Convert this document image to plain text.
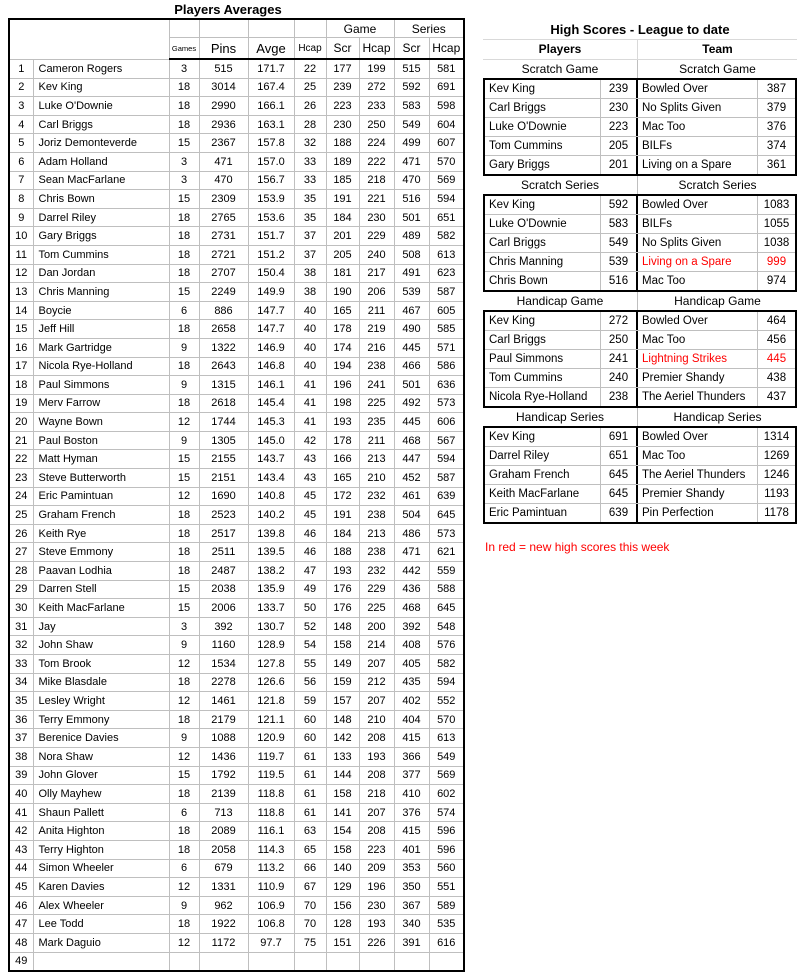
Players Averages
						Game		Series	
		Games	Pins	Avge	Hcap	Scr	Hcap	Scr	Hcap
1	Cameron Rogers	3	515	171.7	22	177	199	515	581
2	Kev King	18	3014	167.4	25	239	272	592	691
3	Luke O'Downie	18	2990	166.1	26	223	233	583	598
4	Carl Briggs	18	2936	163.1	28	230	250	549	604
5	Joriz Demonteverde	15	2367	157.8	32	188	224	499	607
6	Adam Holland	3	471	157.0	33	189	222	471	570
7	Sean MacFarlane	3	470	156.7	33	185	218	470	569
8	Chris Bown	15	2309	153.9	35	191	221	516	594
9	Darrel Riley	18	2765	153.6	35	184	230	501	651
10	Gary Briggs	18	2731	151.7	37	201	229	489	582
11	Tom Cummins	18	2721	151.2	37	205	240	508	613
12	Dan Jordan	18	2707	150.4	38	181	217	491	623
13	Chris Manning	15	2249	149.9	38	190	206	539	587
14	Boycie	6	886	147.7	40	165	211	467	605
15	Jeff Hill	18	2658	147.7	40	178	219	490	585
16	Mark Gartridge	9	1322	146.9	40	174	216	445	571
17	Nicola Rye-Holland	18	2643	146.8	40	194	238	466	586
18	Paul Simmons	9	1315	146.1	41	196	241	501	636
19	Merv Farrow	18	2618	145.4	41	198	225	492	573
20	Wayne Bown	12	1744	145.3	41	193	235	445	606
21	Paul Boston	9	1305	145.0	42	178	211	468	567
22	Matt Hyman	15	2155	143.7	43	166	213	447	594
23	Steve Butterworth	15	2151	143.4	43	165	210	452	587
24	Eric Pamintuan	12	1690	140.8	45	172	232	461	639
25	Graham French	18	2523	140.2	45	191	238	504	645
26	Keith Rye	18	2517	139.8	46	184	213	486	573
27	Steve Emmony	18	2511	139.5	46	188	238	471	621
28	Paavan Lodhia	18	2487	138.2	47	193	232	442	559
29	Darren Stell	15	2038	135.9	49	176	229	436	588
30	Keith MacFarlane	15	2006	133.7	50	176	225	468	645
31	Jay	3	392	130.7	52	148	200	392	548
32	John Shaw	9	1160	128.9	54	158	214	408	576
33	Tom Brook	12	1534	127.8	55	149	207	405	582
34	Mike Blasdale	18	2278	126.6	56	159	212	435	594
35	Lesley Wright	12	1461	121.8	59	157	207	402	552
36	Terry Emmony	18	2179	121.1	60	148	210	404	570
37	Berenice Davies	9	1088	120.9	60	142	208	415	613
38	Nora Shaw	12	1436	119.7	61	133	193	366	549
39	John Glover	15	1792	119.5	61	144	208	377	569
40	Olly Mayhew	18	2139	118.8	61	158	218	410	602
41	Shaun Pallett	6	713	118.8	61	141	207	376	574
42	Anita Highton	18	2089	116.1	63	154	208	415	596
43	Terry Highton	18	2058	114.3	65	158	223	401	596
44	Simon Wheeler	6	679	113.2	66	140	209	353	560
45	Karen Davies	12	1331	110.9	67	129	196	350	551
46	Alex Wheeler	9	962	106.9	70	156	230	367	589
47	Lee Todd	18	1922	106.8	70	128	193	340	535
48	Mark Daguio	12	1172	97.7	75	151	226	391	616
49									
High Scores - League to date
Players	Team
Scratch Game	Scratch Game
Kev King	239	Bowled Over	387
Carl Briggs	230	No Splits Given	379
Luke O'Downie	223	Mac Too	376
Tom Cummins	205	BILFs	374
Gary Briggs	201	Living on a Spare	361
Scratch Series	Scratch Series
Kev King	592	Bowled Over	1083
Luke O'Downie	583	BILFs	1055
Carl Briggs	549	No Splits Given	1038
Chris Manning	539	Living on a Spare	999
Chris Bown	516	Mac Too	974
Handicap Game	Handicap Game
Kev King	272	Bowled Over	464
Carl Briggs	250	Mac Too	456
Paul Simmons	241	Lightning Strikes	445
Tom Cummins	240	Premier Shandy	438
Nicola Rye-Holland	238	The Aeriel Thunders	437
Handicap Series	Handicap Series
Kev King	691	Bowled Over	1314
Darrel Riley	651	Mac Too	1269
Graham French	645	The Aeriel Thunders	1246
Keith MacFarlane	645	Premier Shandy	1193
Eric Pamintuan	639	Pin Perfection	1178
In red = new high scores this week
